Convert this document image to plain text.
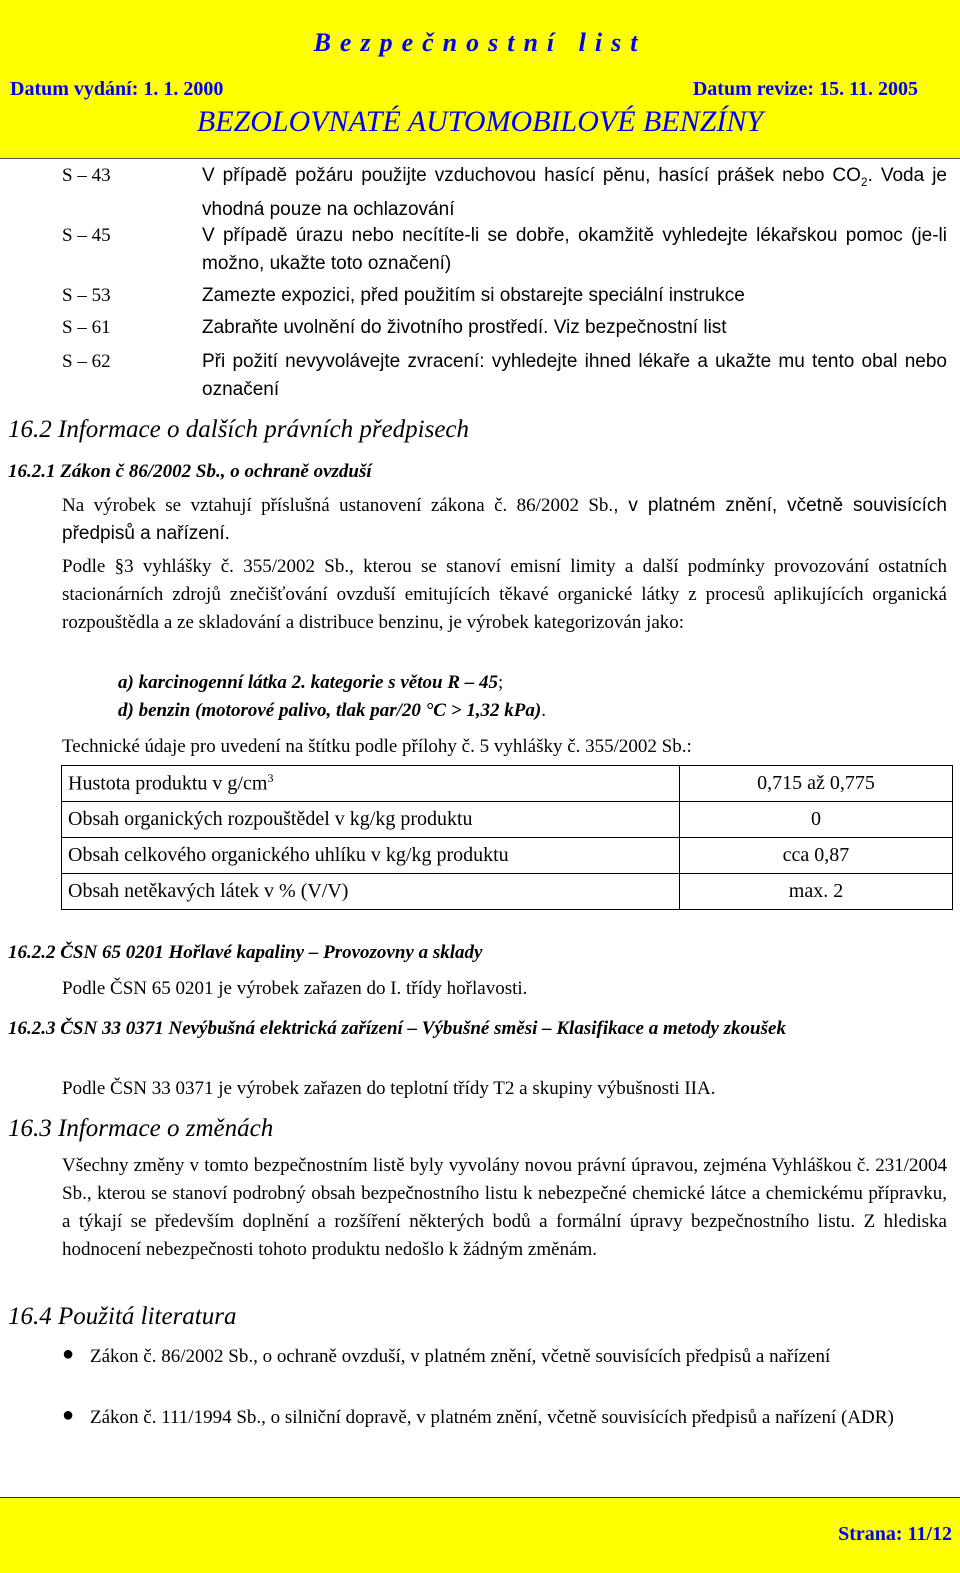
Bezpečnostní list
Datum vydání: 1. 1. 2000	Datum revize: 15. 11. 2005
BEZOLOVNATÉ AUTOMOBILOVÉ BENZÍNY
S – 43	V případě požáru použijte vzduchovou hasící pěnu, hasící prášek nebo $CO_2$. Voda je vhodná pouze na ochlazování
S – 45	V případě úrazu nebo necítíte-li se dobře, okamžitě vyhledejte lékařskou pomoc (je-li možno, ukažte toto označení)
S – 53	Zamezte expozici, před použitím si obstarejte speciální instrukce
S – 61	Zabraňte uvolnění do životního prostředí. Viz bezpečnostní list
S – 62	Při požití nevyvolávejte zvracení: vyhledejte ihned lékaře a ukažte mu tento obal nebo označení
16.2 Informace o dalších právních předpisech
16.2.1 Zákon č 86/2002 Sb., o ochraně ovzduší
Na výrobek se vztahují příslušná ustanovení zákona č. 86/2002 Sb., v platném znění, včetně souvisících předpisů a nařízení.
Podle §3 vyhlášky č. 355/2002 Sb., kterou se stanoví emisní limity a další podmínky provozování ostatních stacionárních zdrojů znečišťování ovzduší emitujících těkavé organické látky z procesů aplikujících organická rozpouštědla a ze skladování a distribuce benzinu, je výrobek kategorizován jako:
a) karcinogenní látka 2. kategorie s větou R – 45;
d) benzin (motorové palivo, tlak par/20 °C > 1,32 kPa).
Technické údaje pro uvedení na štítku podle přílohy č. 5 vyhlášky č. 355/2002 Sb.:
Hustota produktu v $g/cm^3$	0,715 až 0,775
Obsah organických rozpouštědel v kg/kg produktu	0
Obsah celkového organického uhlíku v kg/kg produktu	cca 0,87
Obsah netěkavých látek v % (V/V)	max. 2
16.2.2 ČSN 65 0201 Hořlavé kapaliny – Provozovny a sklady
Podle ČSN 65 0201 je výrobek zařazen do I. třídy hořlavosti.
16.2.3 ČSN 33 0371 Nevýbušná elektrická zařízení – Výbušné směsi – Klasifikace a metody zkoušek
Podle ČSN 33 0371 je výrobek zařazen do teplotní třídy T2 a skupiny výbušnosti IIA.
16.3 Informace o změnách
Všechny změny v tomto bezpečnostním listě byly vyvolány novou právní úpravou, zejména Vyhláškou č. 231/2004 Sb., kterou se stanoví podrobný obsah bezpečnostního listu k nebezpečné chemické látce a chemickému přípravku, a týkají se především doplnění a rozšíření některých bodů a formální úpravy bezpečnostního listu. Z hlediska hodnocení nebezpečnosti tohoto produktu nedošlo k žádným změnám.
16.4 Použitá literatura
● Zákon č. 86/2002 Sb., o ochraně ovzduší, v platném znění, včetně souvisících předpisů a nařízení
● Zákon č. 111/1994 Sb., o silniční dopravě, v platném znění, včetně souvisících předpisů a nařízení (ADR)
Strana: 11/12
